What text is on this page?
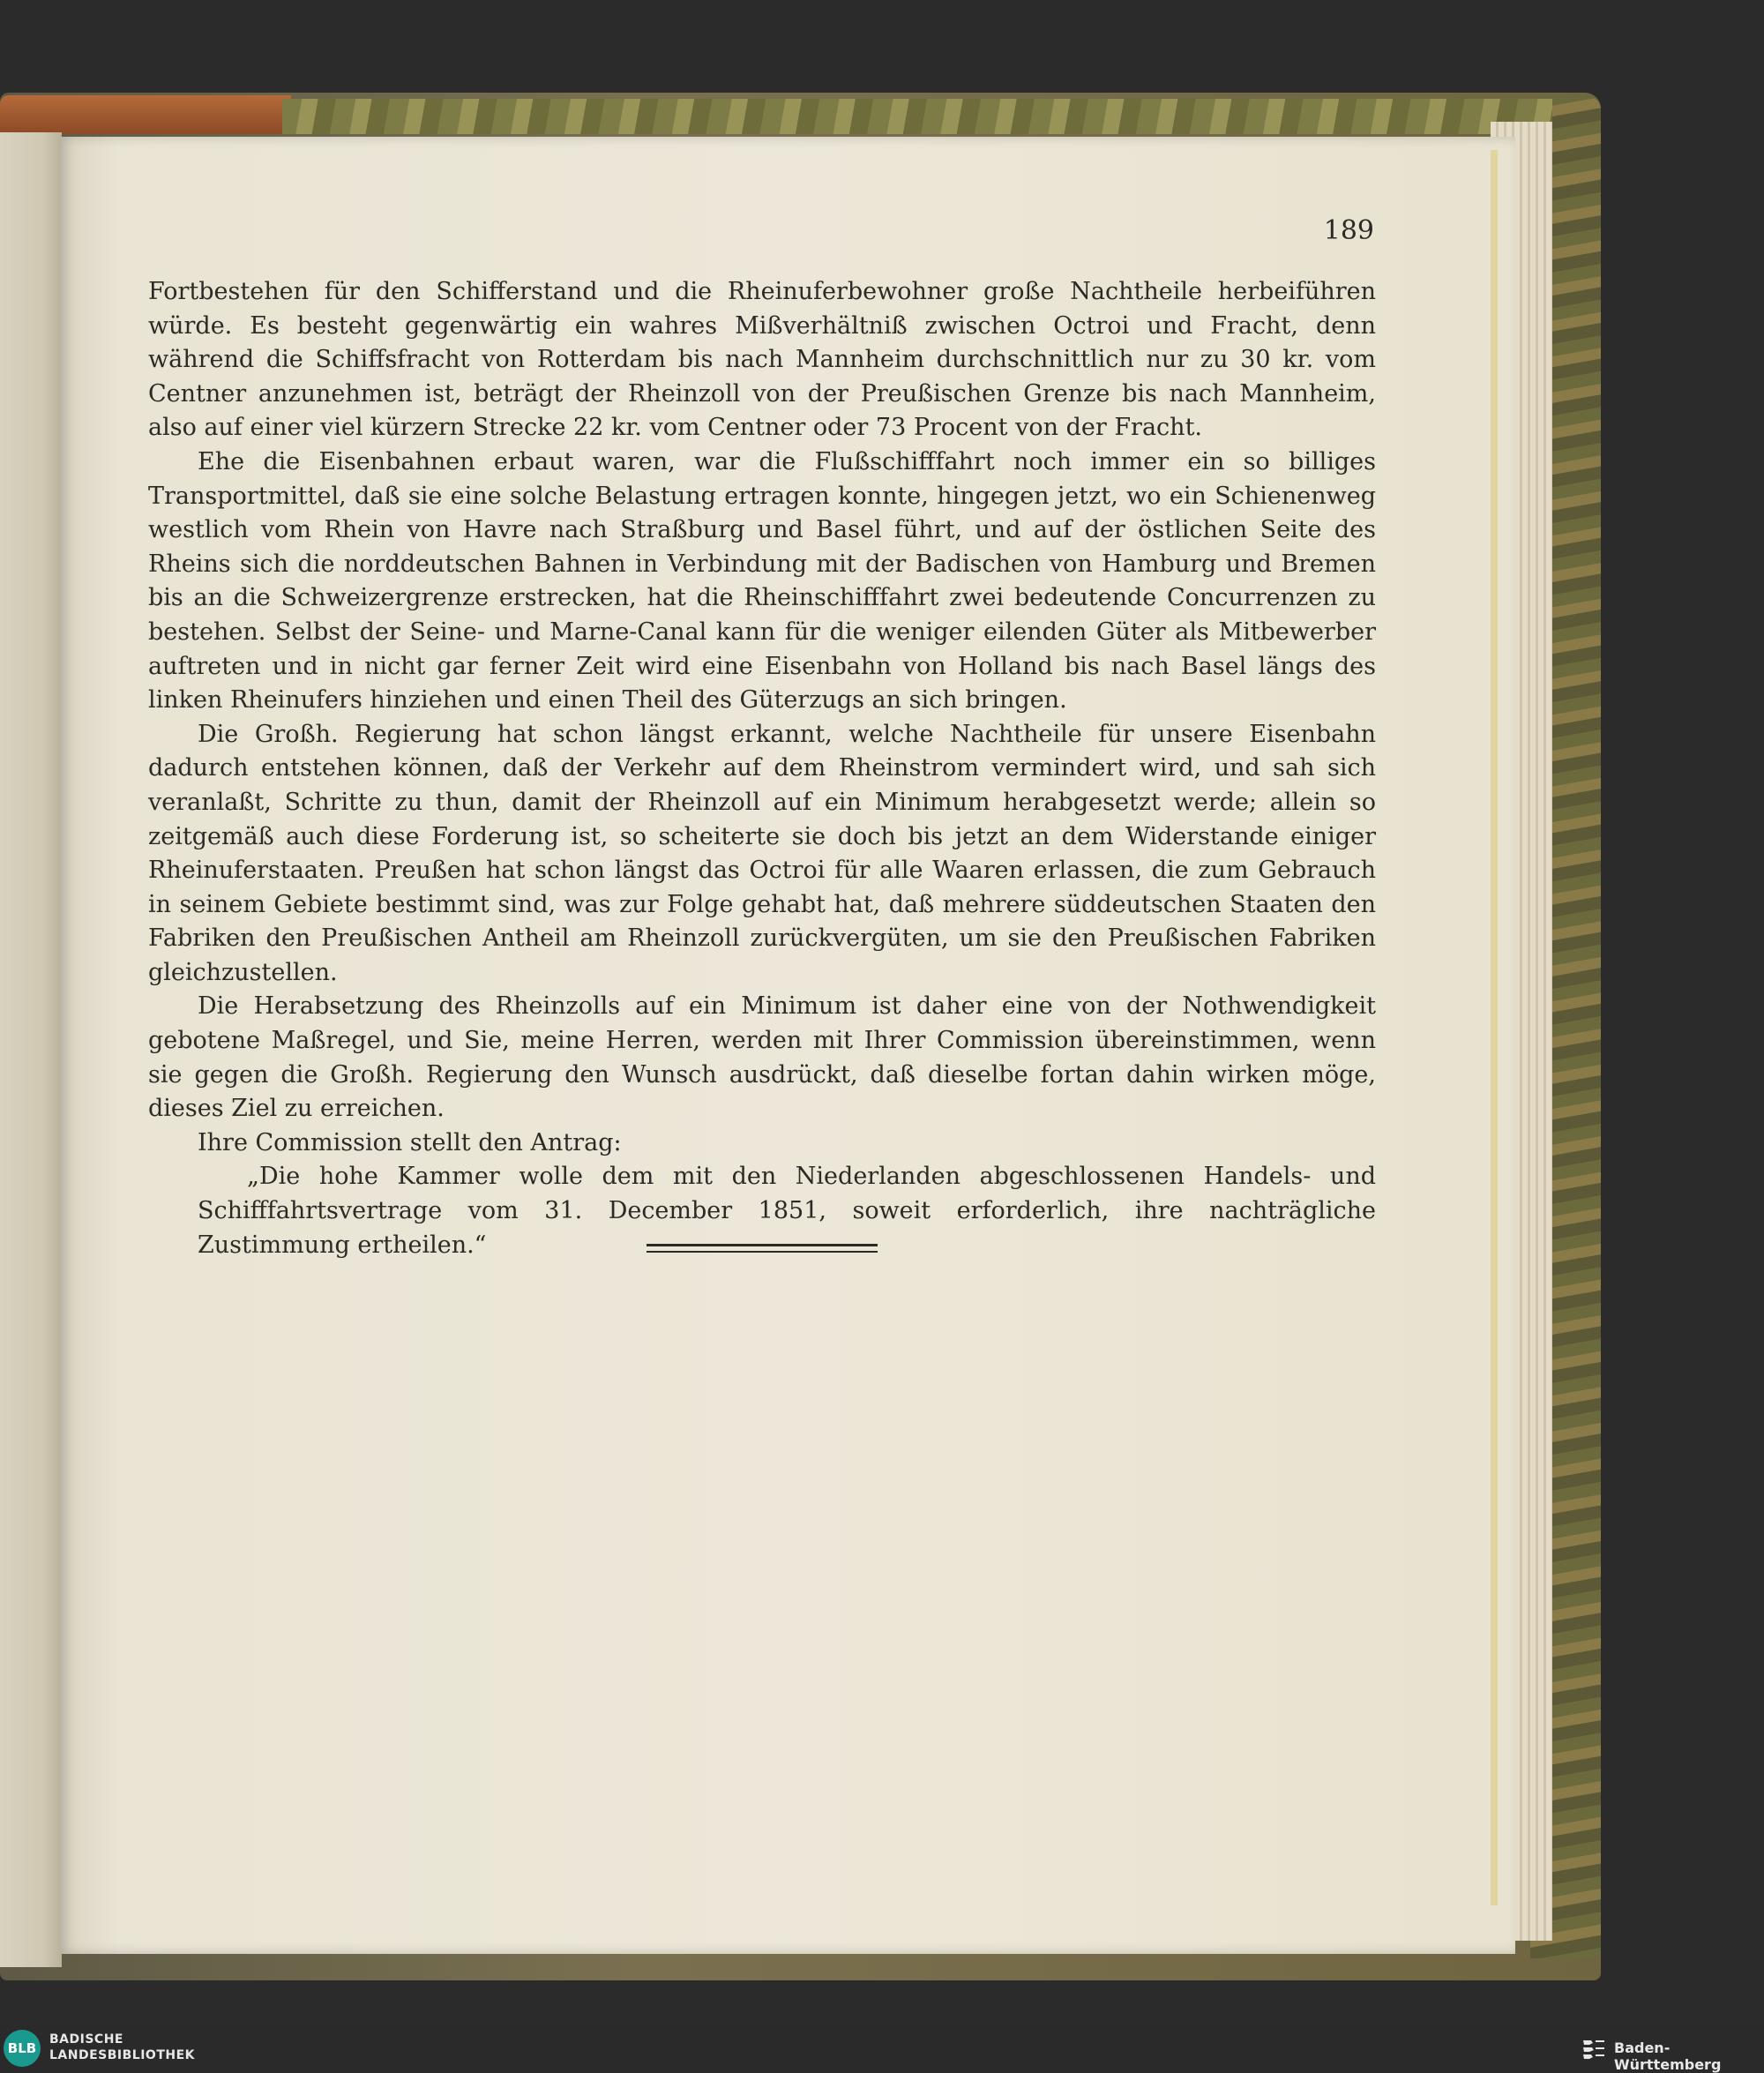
189

Fortbestehen für den Schifferstand und die Rheinuferbewohner große Nachtheile herbeiführen würde. Es besteht gegenwärtig ein wahres Mißverhältniß zwischen Octroi und Fracht, denn während die Schiffsfracht von Rotterdam bis nach Mannheim durchschnittlich nur zu 30 kr. vom Centner anzunehmen ist, beträgt der Rheinzoll von der Preußischen Grenze bis nach Mannheim, also auf einer viel kürzern Strecke 22 kr. vom Centner oder 73 Procent von der Fracht.

Ehe die Eisenbahnen erbaut waren, war die Flußschifffahrt noch immer ein so billiges Transportmittel, daß sie eine solche Belastung ertragen konnte, hingegen jetzt, wo ein Schienenweg westlich vom Rhein von Havre nach Straßburg und Basel führt, und auf der östlichen Seite des Rheins sich die norddeutschen Bahnen in Verbindung mit der Badischen von Hamburg und Bremen bis an die Schweizergrenze erstrecken, hat die Rheinschifffahrt zwei bedeutende Concurrenzen zu bestehen. Selbst der Seine- und Marne-Canal kann für die weniger eilenden Güter als Mitbewerber auftreten und in nicht gar ferner Zeit wird eine Eisenbahn von Holland bis nach Basel längs des linken Rheinufers hinziehen und einen Theil des Güterzugs an sich bringen.

Die Großh. Regierung hat schon längst erkannt, welche Nachtheile für unsere Eisenbahn dadurch entstehen können, daß der Verkehr auf dem Rheinstrom vermindert wird, und sah sich veranlaßt, Schritte zu thun, damit der Rheinzoll auf ein Minimum herabgesetzt werde; allein so zeitgemäß auch diese Forderung ist, so scheiterte sie doch bis jetzt an dem Widerstande einiger Rheinuferstaaten. Preußen hat schon längst das Octroi für alle Waaren erlassen, die zum Gebrauch in seinem Gebiete bestimmt sind, was zur Folge gehabt hat, daß mehrere süddeutschen Staaten den Fabriken den Preußischen Antheil am Rheinzoll zurückvergüten, um sie den Preußischen Fabriken gleichzustellen.

Die Herabsetzung des Rheinzolls auf ein Minimum ist daher eine von der Nothwendigkeit gebotene Maßregel, und Sie, meine Herren, werden mit Ihrer Commission übereinstimmen, wenn sie gegen die Großh. Regierung den Wunsch ausdrückt, daß dieselbe fortan dahin wirken möge, dieses Ziel zu erreichen.

Ihre Commission stellt den Antrag:

„Die hohe Kammer wolle dem mit den Niederlanden abgeschlossenen Handels- und Schifffahrtsvertrage vom 31. December 1851, soweit erforderlich, ihre nachträgliche Zustimmung ertheilen.“

BLB
BADISCHE
LANDESBIBLIOTHEK	Baden-Württemberg
